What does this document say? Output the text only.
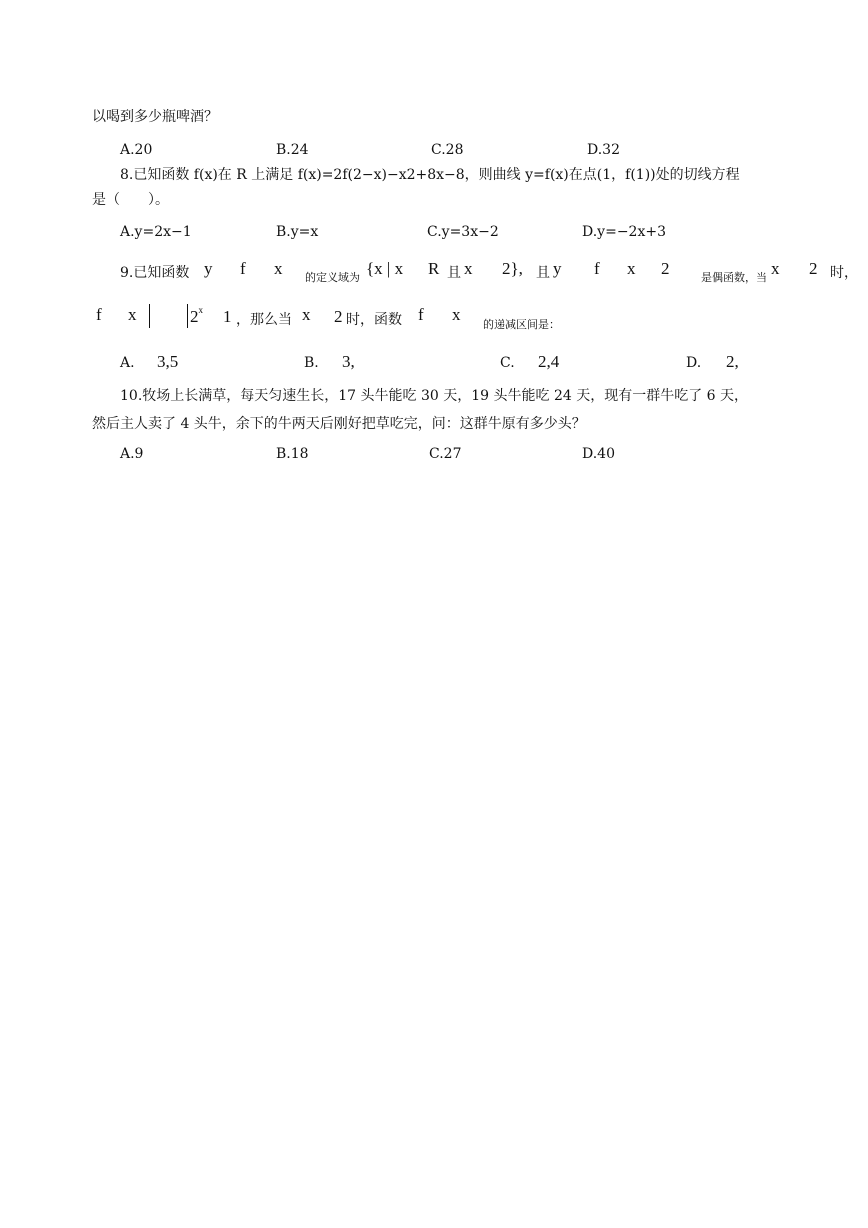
以喝到多少瓶啤酒？
A.20	B.24	C.28	D.32
8.已知函数 f(x)在 R 上满足 f(x)=2f(2−x)−x2+8x−8，则曲线 y=f(x)在点(1，f(1))处的切线方程
是（　　）。
A.y=2x−1	B.y=x	C.y=3x−2	D.y=−2x+3
9.已知函数 y f x 的定义域为 {x | x R 且 x 2}, 且 y f x 2	是偶函数，当 x 2 时，
f x	2$^x$ 1 ，那么当 x 2 时，函数 f x
的递减区间是：
A. 3,5	B. 3,	C. 2,4	D. 2,
10.牧场上长满草，每天匀速生长，17 头牛能吃 30 天，19 头牛能吃 24 天，现有一群牛吃了 6 天，
然后主人卖了 4 头牛，余下的牛两天后刚好把草吃完，问：这群牛原有多少头？
A.9	B.18	C.27	D.40
